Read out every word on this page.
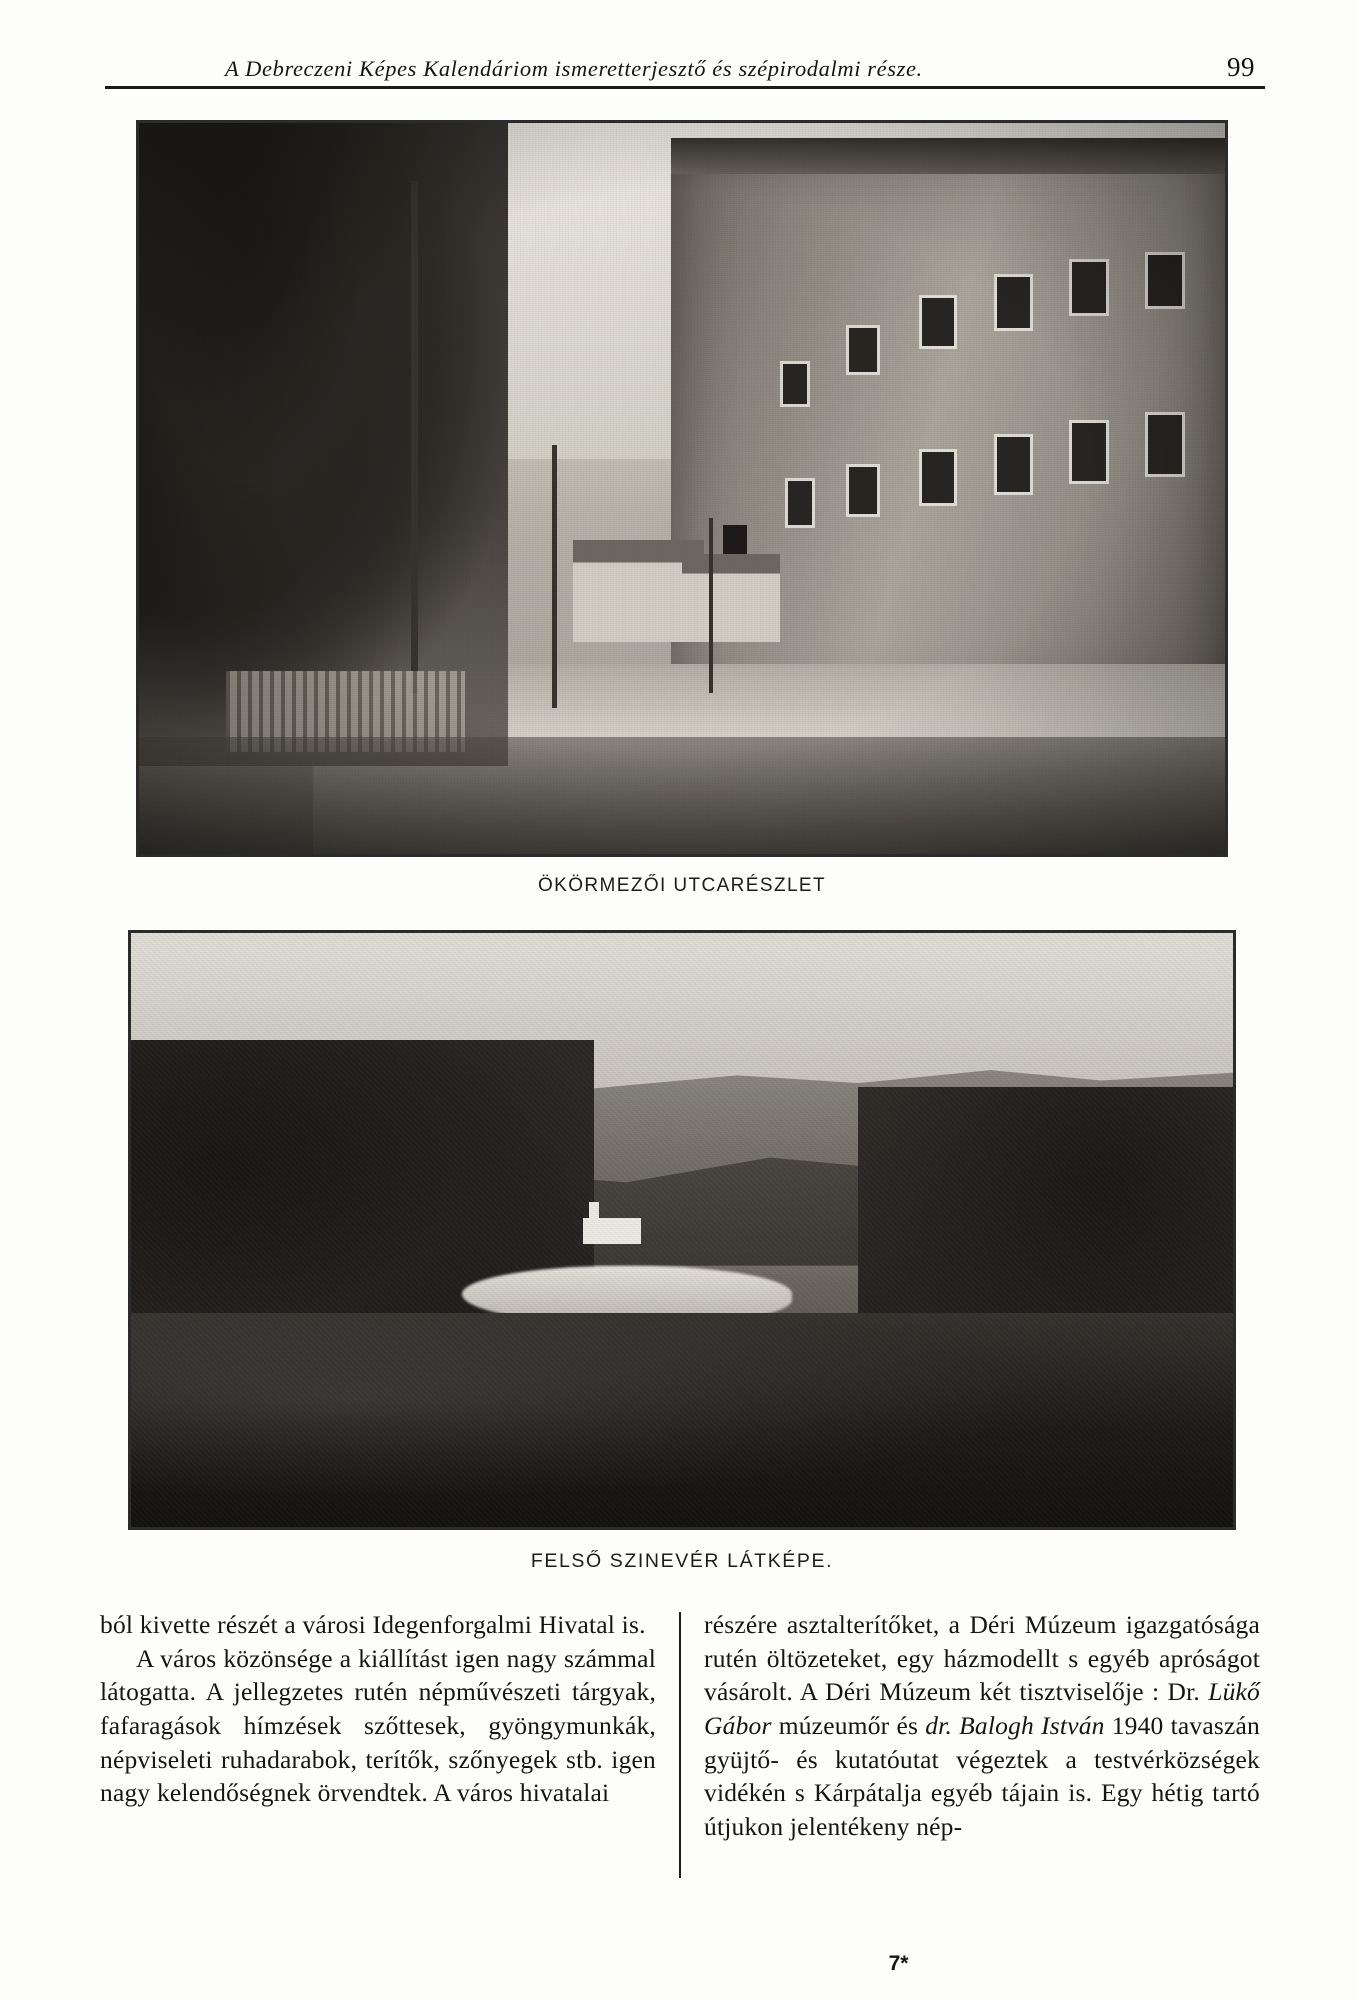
A Debreczeni Képes Kalendáriom ismeretterjesztő és szépirodalmi része.	99
ÖKÖRMEZŐI UTCARÉSZLET
FELSŐ SZINEVÉR LÁTKÉPE.

ból kivette részét a városi Idegenforgalmi Hivatal is.

A város közönsége a kiállítást igen nagy számmal látogatta. A jellegzetes rutén népművészeti tárgyak, fafaragások hímzések szőttesek, gyöngymunkák, népviseleti ruhadarabok, terítők, szőnyegek stb. igen nagy kelendőségnek örvendtek. A város hivatalai

részére asztalterítőket, a Déri Múzeum igazgatósága rutén öltözeteket, egy házmodellt s egyéb apróságot vásárolt. A Déri Múzeum két tisztviselője : Dr. Lükő Gábor múzeumőr és dr. Balogh István 1940 tavaszán gyüjtő- és kutatóutat végeztek a testvérközségek vidékén s Kárpátalja egyéb tájain is. Egy hétig tartó útjukon jelentékeny nép-

7*
